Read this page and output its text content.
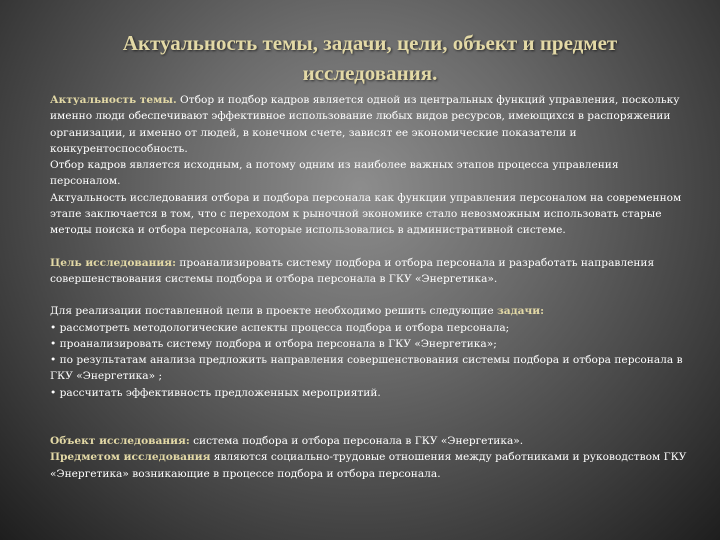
Актуальность темы, задачи, цели, объект и предмет исследования.

Актуальность темы. Отбор и подбор кадров является одной из центральных функций управления, поскольку именно люди обеспечивают эффективное использование любых видов ресурсов, имеющихся в распоряжении организации, и именно от людей, в конечном счете, зависят ее экономические показатели и конкурентоспособность.

Отбор кадров является исходным, а потому одним из наиболее важных этапов процесса управления персоналом.

Актуальность исследования отбора и подбора персонала как функции управления персоналом на современном этапе заключается в том, что с переходом к рыночной экономике стало невозможным использовать старые методы поиска и отбора персонала, которые использовались в административной системе.

Цель исследования: проанализировать систему подбора и отбора персонала и разработать направления совершенствования системы подбора и отбора персонала в ГКУ «Энергетика».

Для реализации поставленной цели в проекте необходимо решить следующие задачи:

• рассмотреть методологические аспекты процесса подбора и отбора персонала;

• проанализировать систему подбора и отбора персонала в ГКУ «Энергетика»;

• по результатам анализа предложить направления совершенствования системы подбора и отбора персонала в ГКУ «Энергетика» ;

• рассчитать эффективность предложенных мероприятий.

Объект исследования: система подбора и отбора персонала в ГКУ «Энергетика».

Предметом исследования являются социально-трудовые отношения между работниками и руководством ГКУ «Энергетика» возникающие в процессе подбора и отбора персонала.
